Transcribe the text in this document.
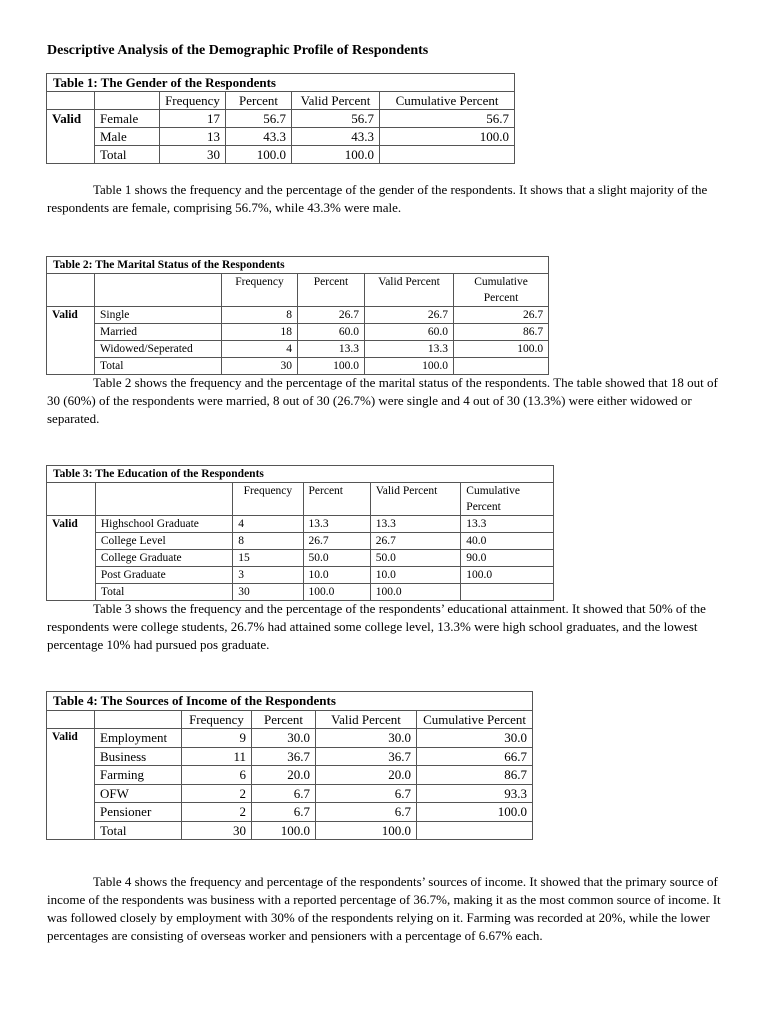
Descriptive Analysis of the Demographic Profile of Respondents
Table 1: The Gender of the Respondents					
		Frequency	Percent	Valid Percent	Cumulative Percent
Valid	Female	17	56.7	56.7	56.7
	Male	13	43.3	43.3	100.0
	Total	30	100.0	100.0	
Table 1 shows the frequency and the percentage of the gender of the respondents. It shows that a slight majority of the respondents are female, comprising 56.7%, while 43.3% were male.
Table 2: The Marital Status of the Respondents					
		Frequency	Percent	Valid Percent	Cumulative Percent
Valid	Single	8	26.7	26.7	26.7
	Married	18	60.0	60.0	86.7
	Widowed/Seperated	4	13.3	13.3	100.0
	Total	30	100.0	100.0	
Table 2 shows the frequency and the percentage of the marital status of the respondents. The table showed that 18 out of 30 (60%) of the respondents were married, 8 out of 30 (26.7%) were single and 4 out of 30 (13.3%) were either widowed or separated.
Table 3: The Education of the Respondents					
		Frequency	Percent	Valid Percent	Cumulative Percent
Valid	Highschool Graduate	4	13.3	13.3	13.3
	College Level	8	26.7	26.7	40.0
	College Graduate	15	50.0	50.0	90.0
	Post Graduate	3	10.0	10.0	100.0
	Total	30	100.0	100.0	
Table 3 shows the frequency and the percentage of the respondents’ educational attainment. It showed that 50% of the respondents were college students, 26.7% had attained some college level, 13.3% were high school graduates, and the lowest percentage 10% had pursued pos graduate.
Table 4: The Sources of Income of the Respondents					
		Frequency	Percent	Valid Percent	Cumulative Percent
Valid	Employment	9	30.0	30.0	30.0
	Business	11	36.7	36.7	66.7
	Farming	6	20.0	20.0	86.7
	OFW	2	6.7	6.7	93.3
	Pensioner	2	6.7	6.7	100.0
	Total	30	100.0	100.0	
Table 4 shows the frequency and percentage of the respondents’ sources of income. It showed that the primary source of income of the respondents was business with a reported percentage of 36.7%, making it as the most common source of income. It was followed closely by employment with 30% of the respondents relying on it. Farming was recorded at 20%, while the lower percentages are consisting of overseas worker and pensioners with a percentage of 6.67% each.
